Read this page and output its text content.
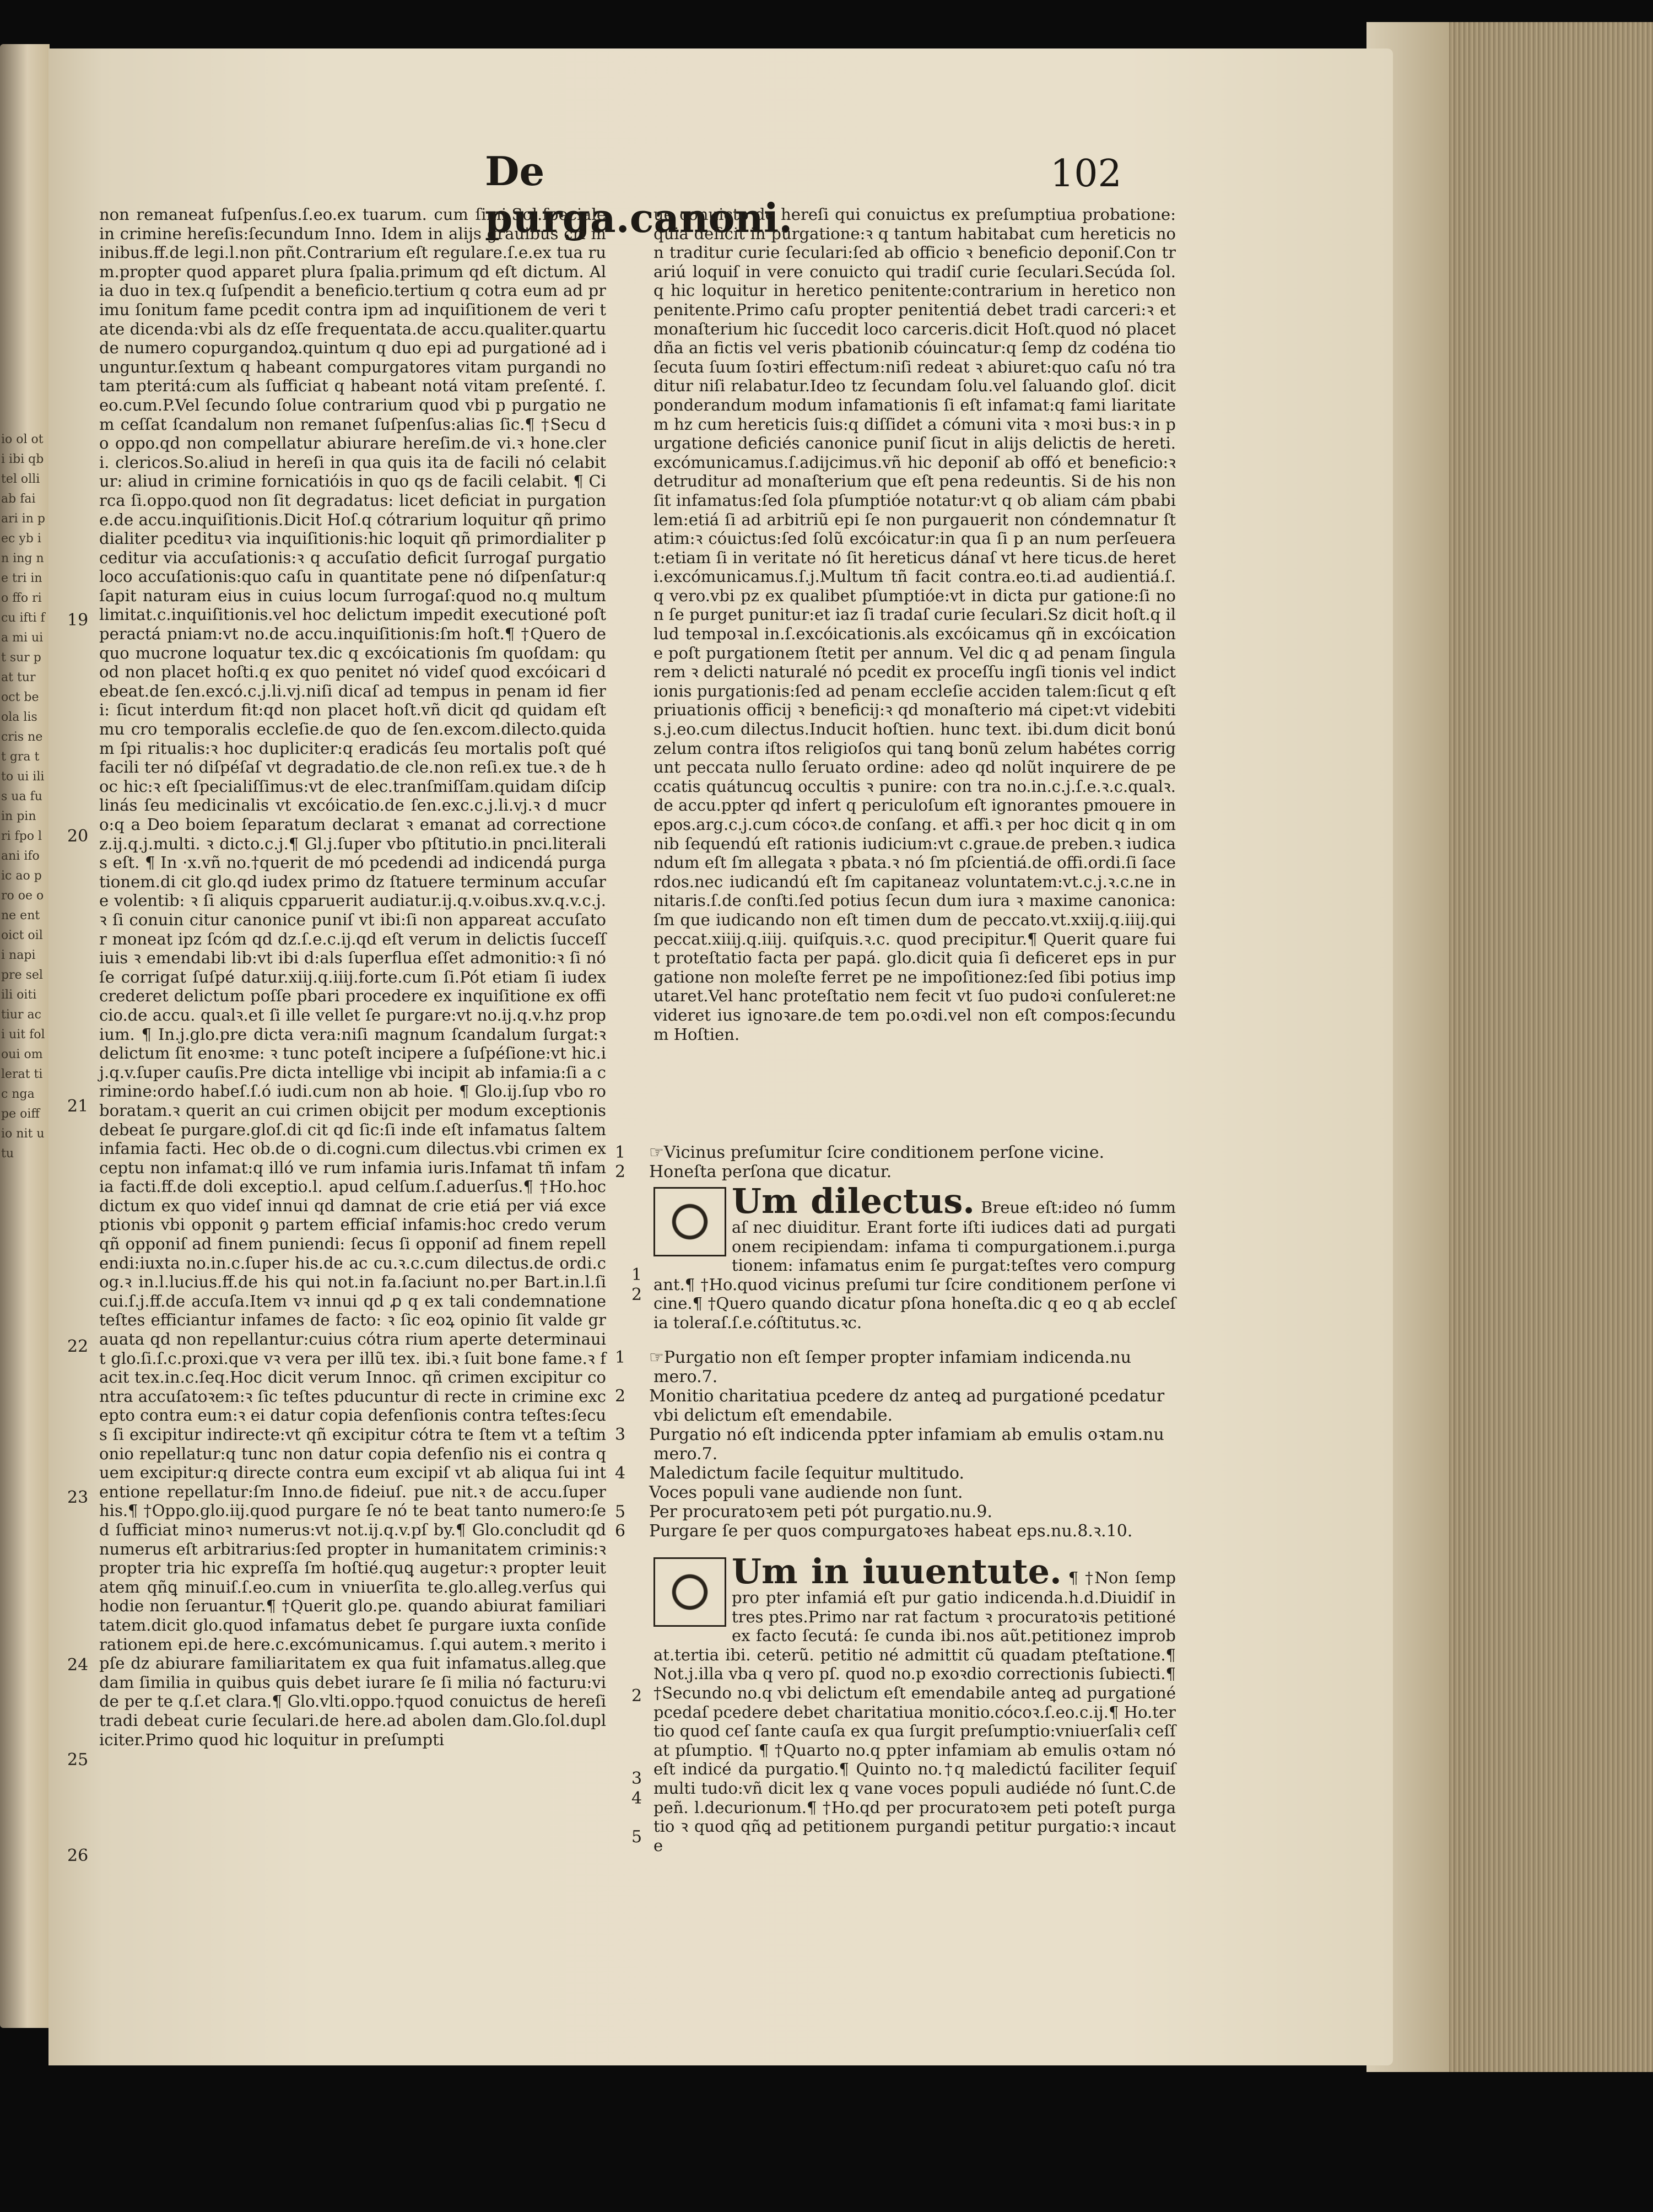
io ol oti ibi qb tel olli ab fai ari in pec yb in ing ne tri ino ffo ri cu ifti fa mi uit sur pat tur oct be ola lis cris net gra t to ui ilis ua fu in pin ri fpo lani ifo ic ao pro oe one ent oict oili napi pre sel ili oiti tiur aci uit fol oui om lerat tic nga pe oiff io nit utu
De purga.canoni.
102
non remaneat fuſpenſus.ſ.eo.ex tuarum. cum ſimi.Sol.ſpeciale in crimine hereſis:ſecundum Inno. Idem in alijs grauibus cri minibus.ff.de legi.l.non pñt.Contrarium eſt regulare.ſ.e.ex tua rum.propter quod apparet plura ſpalia.primum qd eſt dictum. Alia duo in tex.q ſuſpendit a beneficio.tertium q cotra eum ad primu ſonitum fame pcedit contra ipm ad inquiſitionem de veri tate dicenda:vbi als dz eſſe frequentata.de accu.qualiter.quartu de numero copurgandoꝝ.quintum q duo epi ad purgationé ad iunguntur.ſextum q habeant compurgatores vitam purgandi notam pteritá:cum als ſufficiat q habeant notá vitam preſenté. ſ.eo.cum.P.Vel ſecundo ſolue contrarium quod vbi p purgatio nem ceſſat ſcandalum non remanet ſuſpenſus:alias ſic.¶ †Secu do oppo.qd non compellatur abiurare hereſim.de vi.ꝛ hone.cleri. clericos.So.aliud in hereſi in qua quis ita de facili nó celabitur: aliud in crimine fornicatióis in quo qs de facili celabit. ¶ Circa ſi.oppo.quod non ſit degradatus: licet deficiat in purgatione.de accu.inquiſitionis.Dicit Hoſ.q cótrarium loquitur qñ primo dialiter pcedituꝛ via inquiſitionis:hic loquit qñ primordialiter pceditur via accuſationis:ꝛ q accuſatio deficit ſurrogaſ purgatio loco accuſationis:quo caſu in quantitate pene nó diſpenſatur:q ſapit naturam eius in cuius locum ſurrogaſ:quod no.q multum limitat.c.inquiſitionis.vel hoc delictum impedit executioné poſt peractá pniam:vt no.de accu.inquiſitionis:ſm hoſt.¶ †Quero de quo mucrone loquatur tex.dic q excóicationis ſm quoſdam: quod non placet hoſti.q ex quo penitet nó videſ quod excóicari debeat.de ſen.excó.c.j.li.vj.niſi dicaſ ad tempus in penam id fieri: ſicut interdum fit:qd non placet hoſt.vñ dicit qd quidam eſt mu cro temporalis eccleſie.de quo de ſen.excom.dilecto.quidam ſpi ritualis:ꝛ hoc dupliciter:q eradicás ſeu mortalis poſt qué facili ter nó diſpéſaſ vt degradatio.de cle.non reſi.ex tue.ꝛ de hoc hic:ꝛ eſt ſpecialiſſimus:vt de elec.tranſmiſſam.quidam diſciplinás ſeu medicinalis vt excóicatio.de ſen.exc.c.j.li.vj.ꝛ d mucro:q a Deo boiem ſeparatum declarat ꝛ emanat ad correctionez.ij.q.j.multi. ꝛ dicto.c.j.¶ Gl.j.ſuper vbo pſtitutio.in pnci.literalis eſt. ¶ In ·x.vñ no.†querit de mó pcedendi ad indicendá purgationem.di cit glo.qd iudex primo dz ſtatuere terminum accuſare volentib: ꝛ ſi aliquis cpparuerit audiatur.ij.q.v.oibus.xv.q.v.c.j.ꝛ ſi conuin citur canonice puniſ vt ibi:ſi non appareat accuſator moneat ipz ſcóm qd dz.ſ.e.c.ij.qd eſt verum in delictis ſucceſſiuis ꝛ emendabi lib:vt ibi d:als ſuperflua eſſet admonitio:ꝛ ſi nó ſe corrigat ſuſpé datur.xiij.q.iiij.forte.cum ſi.Pót etiam ſi iudex crederet delictum poſſe pbari procedere ex inquiſitione ex officio.de accu. qualꝛ.et ſi ille vellet ſe purgare:vt no.ij.q.v.hz propium. ¶ In.j.glo.pre dicta vera:niſi magnum ſcandalum ſurgat:ꝛ delictum ſit enoꝛme: ꝛ tunc poteſt incipere a ſuſpéſione:vt hic.ij.q.v.ſuper cauſis.Pre dicta intellige vbi incipit ab infamia:ſi a crimine:ordo habeſ.ſ.ó iudi.cum non ab hoie. ¶ Glo.ij.ſup vbo roboratam.ꝛ querit an cui crimen obijcit per modum exceptionis debeat ſe purgare.gloſ.di cit qd ſic:ſi inde eſt infamatus ſaltem infamia facti. Hec ob.de o di.cogni.cum dilectus.vbi crimen exceptu non infamat:q illó ve rum infamia iuris.Infamat tñ infamia facti.ff.de doli exceptio.l. apud celſum.ſ.aduerſus.¶ †Ho.hoc dictum ex quo videſ innui qd damnat de crie etiá per viá exceptionis vbi opponit ꝯ partem efficiaſ infamis:hoc credo verum qñ opponiſ ad finem puniendi: ſecus ſi opponiſ ad finem repellendi:iuxta no.in.c.ſuper his.de ac cu.ꝛ.c.cum dilectus.de ordi.cog.ꝛ in.l.lucius.ff.de his qui not.in fa.ſaciunt no.per Bart.in.l.ſi cui.ſ.j.ff.de accuſa.Item vꝛ innui qd ꝓ q ex tali condemnatione teſtes efficiantur infames de facto: ꝛ ſic eoꝝ opinio ſit valde grauata qd non repellantur:cuius cótra rium aperte determinauit glo.ſi.ſ.c.proxi.que vꝛ vera per illũ tex. ibi.ꝛ ſuit bone fame.ꝛ facit tex.in.c.ſeq.Hoc dicit verum Innoc. qñ crimen excipitur contra accuſatoꝛem:ꝛ ſic teſtes pducuntur di recte in crimine excepto contra eum:ꝛ ei datur copia defenſionis contra teſtes:ſecus ſi excipitur indirecte:vt qñ excipitur cótra te ſtem vt a teſtimonio repellatur:q tunc non datur copia defenſio nis ei contra quem excipitur:q directe contra eum excipiſ vt ab aliqua ſui intentione repellatur:ſm Inno.de fideiuſ. pue nit.ꝛ de accu.ſuper his.¶ †Oppo.glo.iij.quod purgare ſe nó te beat tanto numero:ſed ſufficiat minoꝛ numerus:vt not.ij.q.v.pſ by.¶ Glo.concludit qd numerus eſt arbitrarius:ſed propter in humanitatem criminis:ꝛ propter tria hic expreſſa ſm hoſtié.quꝗ augetur:ꝛ propter leuitatem qñꝗ minuiſ.ſ.eo.cum in vniuerſita te.glo.alleg.verſus qui hodie non ſeruantur.¶ †Querit glo.pe. quando abiurat familiaritatem.dicit glo.quod infamatus debet ſe purgare iuxta conſiderationem epi.de here.c.excómunicamus. ſ.qui autem.ꝛ merito ipſe dz abiurare familiaritatem ex qua fuit infamatus.alleg.quedam ſimilia in quibus quis debet iurare ſe ſi milia nó facturu:vide per te q.ſ.et clara.¶ Glo.vlti.oppo.†quod conuictus de hereſi tradi debeat curie ſeculari.de here.ad abolen dam.Glo.ſol.dupliciter.Primo quod hic loquitur in preſumpti
19
20
21
22
23
24
25
26
ue conuicto de hereſi qui conuictus ex preſumptiua probatione: quia deficit in purgatione:ꝛ q tantum habitabat cum hereticis non traditur curie ſeculari:ſed ab officio ꝛ beneficio deponiſ.Con trariú loquiſ in vere conuicto qui tradiſ curie ſeculari.Secúda ſol. q hic loquitur in heretico penitente:contrarium in heretico non penitente.Primo caſu propter penitentiá debet tradi carceri:ꝛ et monaſterium hic ſuccedit loco carceris.dicit Hoſt.quod nó placet dña an fictis vel veris pbationib cóuincatur:q ſemp dz codéna tio ſecuta ſuum ſoꝛtiri effectum:niſi redeat ꝛ abiuret:quo caſu nó traditur niſi relabatur.Ideo tz ſecundam ſolu.vel ſaluando gloſ. dicit ponderandum modum infamationis ſi eſt infamat:q fami liaritatem hz cum hereticis ſuis:q diſſidet a cómuni vita ꝛ moꝛi bus:ꝛ in purgatione deficiés canonice puniſ ſicut in alijs delictis de hereti.excómunicamus.ſ.adijcimus.vñ hic deponiſ ab offó et beneficio:ꝛ detruditur ad monaſterium que eſt pena redeuntis. Si de his non ſit infamatus:ſed ſola pſumptióe notatur:vt q ob aliam cám pbabilem:etiá ſi ad arbitriũ epi ſe non purgauerit non cóndemnatur ſtatim:ꝛ cóuictus:ſed ſolũ excóicatur:in qua ſi p an num perſeuerat:etiam ſi in veritate nó ſit hereticus dánaſ vt here ticus.de hereti.excómunicamus.ſ.j.Multum tñ facit contra.eo.ti.ad audientiá.ſ.q vero.vbi pz ex qualibet pſumptióe:vt in dicta pur gatione:ſi non ſe purget punitur:et iaz ſi tradaſ curie ſeculari.Sz dicit hoſt.q illud tempoꝛal in.ſ.excóicationis.als excóicamus qñ in excóicatione poſt purgationem ſtetit per annum. Vel dic q ad penam ſingularem ꝛ delicti naturalé nó pcedit ex proceſſu ingſi tionis vel indictionis purgationis:ſed ad penam eccleſie acciden talem:ſicut q eſt priuationis officij ꝛ beneficij:ꝛ qd monaſterio má cipet:vt videbitis.j.eo.cum dilectus.Inducit hoſtien. hunc text. ibi.dum dicit bonú zelum contra iſtos religioſos qui tanꝗ bonũ zelum habétes corrigunt peccata nullo ſeruato ordine: adeo qd nolũt inquirere de peccatis quátuncuꝗ occultis ꝛ punire: con tra no.in.c.j.ſ.e.ꝛ.c.qualꝛ.de accu.ppter qd infert q periculoſum eſt ignorantes pmouere in epos.arg.c.j.cum cócoꝛ.de conſang. et affi.ꝛ per hoc dicit q in omnib ſequendú eſt rationis iudicium:vt c.graue.de preben.ꝛ iudicandum eſt ſm allegata ꝛ pbata.ꝛ nó ſm pſcientiá.de offi.ordi.ſi ſacerdos.nec iudicandú eſt ſm capitaneaz voluntatem:vt.c.j.ꝛ.c.ne innitaris.ſ.de conſti.ſed potius ſecun dum iura ꝛ maxime canonica:ſm que iudicando non eſt timen dum de peccato.vt.xxiij.q.iiij.qui peccat.xiiij.q.iiij. quiſquis.ꝛ.c. quod precipitur.¶ Querit quare fuit proteſtatio facta per papá. glo.dicit quia ſi deficeret eps in purgatione non moleſte ferret pe ne impoſitionez:ſed ſibi potius imputaret.Vel hanc proteſtatio nem fecit vt ſuo pudoꝛi conſuleret:ne videret ius ignoꝛare.de tem po.oꝛdi.vel non eſt compos:ſecundum Hoſtien.
1 ☞Vicinus preſumitur ſcire conditionem perſone vicine.
2 Honeſta perſona que dicatur.
Um dilectus. Breue eſt:ideo nó ſummaſ nec diuiditur. Erant forte iſti iudices dati ad purgationem recipiendam: infama ti compurgationem.i.purgationem: infamatus enim ſe purgat:teſtes vero compurgant.¶ †Ho.quod vicinus preſumi tur ſcire conditionem perſone vicine.¶ †Quero quando dicatur pſona honeſta.dic q eo q ab eccleſia toleraſ.ſ.e.cóſtitutus.ꝛc.
1
2
1 ☞Purgatio non eſt ſemper propter infamiam indicenda.nu mero.7.
2 Monitio charitatiua pcedere dz anteꝗ ad purgationé pcedatur vbi delictum eſt emendabile.
3 Purgatio nó eſt indicenda ppter infamiam ab emulis oꝛtam.nu mero.7.
4 Maledictum facile ſequitur multitudo.
Voces populi vane audiende non ſunt.
5 Per procuratoꝛem peti pót purgatio.nu.9.
6 Purgare ſe per quos compurgatoꝛes habeat eps.nu.8.ꝛ.10.
Um in iuuentute. ¶ †Non ſemp pro pter infamiá eſt pur gatio indicenda.h.d.Diuidiſ in tres ptes.Primo nar rat factum ꝛ procuratoꝛis petitioné ex facto ſecutá: ſe cunda ibi.nos aũt.petitionez improbat.tertia ibi. ceterũ. petitio né admittit cũ quadam pteſtatione.¶ Not.j.illa vba q vero pſ. quod no.p exoꝛdio correctionis ſubiecti.¶ †Secundo no.q vbi delictum eſt emendabile anteꝗ ad purgationé pcedaſ pcedere debet charitatiua monitio.cócoꝛ.ſ.eo.c.ij.¶ Ho.tertio quod ceſ ſante cauſa ex qua ſurgit preſumptio:vniuerſaliꝛ ceſſat pſumptio. ¶ †Quarto no.q ppter infamiam ab emulis oꝛtam nó eſt indicé da purgatio.¶ Quinto no.†q maledictú faciliter ſequiſ multi tudo:vñ dicit lex q vane voces populi audiéde nó ſunt.C.de peñ. l.decurionum.¶ †Ho.qd per procuratoꝛem peti poteſt purgatio ꝛ quod qñꝗ ad petitionem purgandi petitur purgatio:ꝛ incaute
2
3
4
5
